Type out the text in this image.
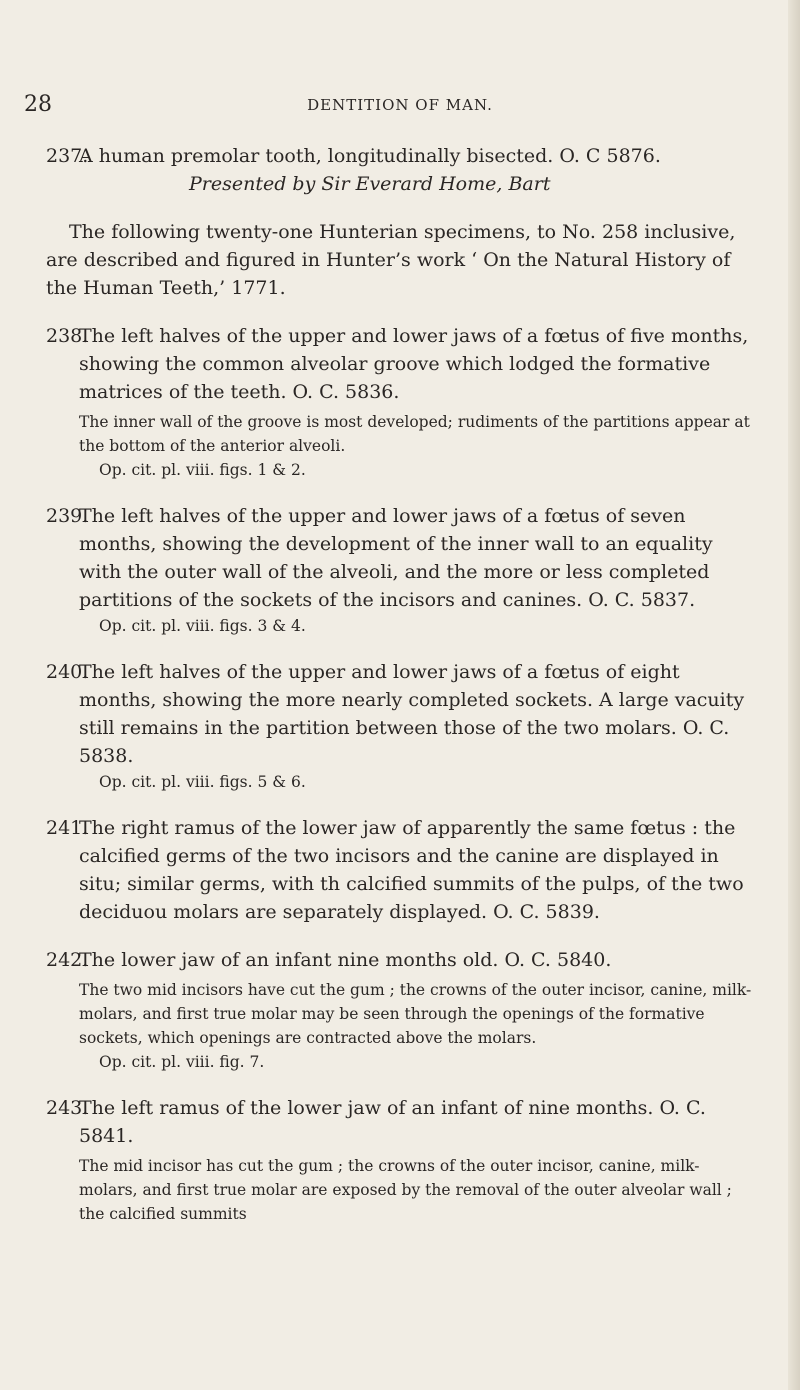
28	DENTITION OF MAN.
237.
A human premolar tooth, longitudinally bisected. O. C 5876.
Presented by Sir Everard Home, Bart
The following twenty-one Hunterian specimens, to No. 258 inclusive, are described and figured in Hunter’s work ‘ On the Natural History of the Human Teeth,’ 1771.
238.
The left halves of the upper and lower jaws of a fœtus of five months, showing the common alveolar groove which lodged the formative matrices of the teeth. O. C. 5836.
The inner wall of the groove is most developed; rudiments of the partitions appear at the bottom of the anterior alveoli.
Op. cit. pl. viii. figs. 1 & 2.
239.
The left halves of the upper and lower jaws of a fœtus of seven months, showing the development of the inner wall to an equality with the outer wall of the alveoli, and the more or less completed partitions of the sockets of the incisors and canines. O. C. 5837.
Op. cit. pl. viii. figs. 3 & 4.
240.
The left halves of the upper and lower jaws of a fœtus of eight months, showing the more nearly completed sockets. A large vacuity still remains in the partition between those of the two molars. O. C. 5838.
Op. cit. pl. viii. figs. 5 & 6.
241.
The right ramus of the lower jaw of apparently the same fœtus : the calcified germs of the two incisors and the canine are displayed in situ; similar germs, with th calcified summits of the pulps, of the two deciduou molars are separately displayed. O. C. 5839.
242.
The lower jaw of an infant nine months old. O. C. 5840.
The two mid incisors have cut the gum ; the crowns of the outer incisor, canine, milk-molars, and first true molar may be seen through the openings of the formative sockets, which openings are contracted above the molars.
Op. cit. pl. viii. fig. 7.
243.
The left ramus of the lower jaw of an infant of nine months. O. C. 5841.
The mid incisor has cut the gum ; the crowns of the outer incisor, canine, milk-molars, and first true molar are exposed by the removal of the outer alveolar wall ; the calcified summits
